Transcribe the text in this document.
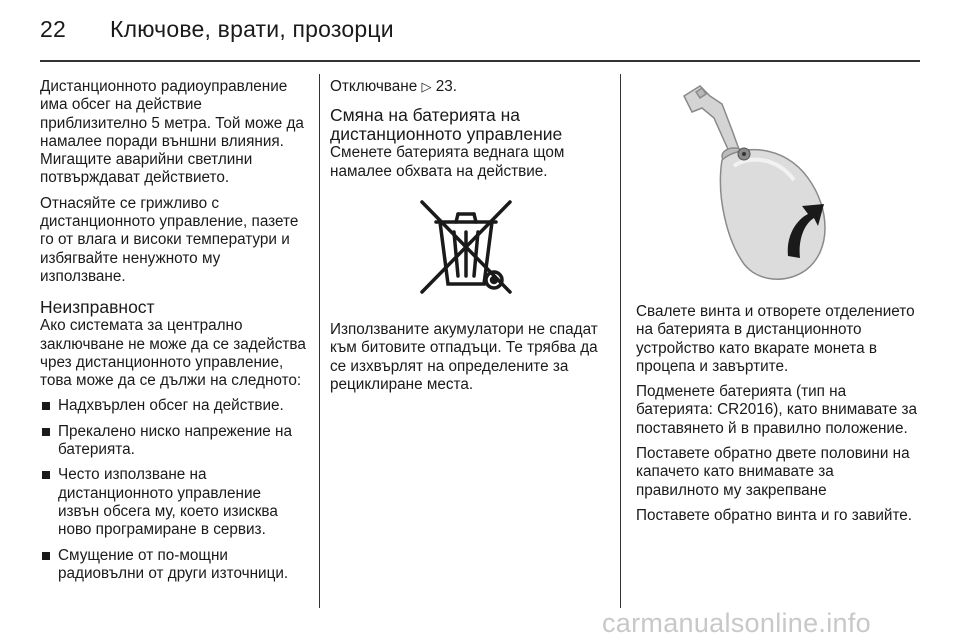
22 Ключове, врати, прозорци

Дистанционното радиоуправление има обсег на действие приблизително 5 метра. Той може да намалее поради външни влияния. Мигащите аварийни светлини потвърждават действието.

Отнасяйте се грижливо с дистанционното управление, пазете го от влага и високи температури и избягвайте ненужното му използване.

Неизправност

Ако системата за централно заключване не може да се задейства чрез дистанционното управление, това може да се дължи на следното:

Надхвърлен обсег на действие.
Прекалено ниско напрежение на батерията.
Често използване на дистанционното управление извън обсега му, което изисква ново програмиране в сервиз.
Смущение от по-мощни радиовълни от други източници.

Отключване ▷ 23.

Смяна на батерията на дистанционното управление

Сменете батерията веднага щом намалее обхвата на действие.

Използваните акумулатори не спадат към битовите отпадъци. Те трябва да се изхвърлят на определените за рециклиране места.

Свалете винта и отворете отделението на батерията в дистанционното устройство като вкарате монета в процепа и завъртите.

Подменете батерията (тип на батерията: CR2016), като внимавате за поставянето й в правилно положение.

Поставете обратно двете половини на капачето като внимавате за правилното му закрепване

Поставете обратно винта и го завийте.

carmanualsonline.info
